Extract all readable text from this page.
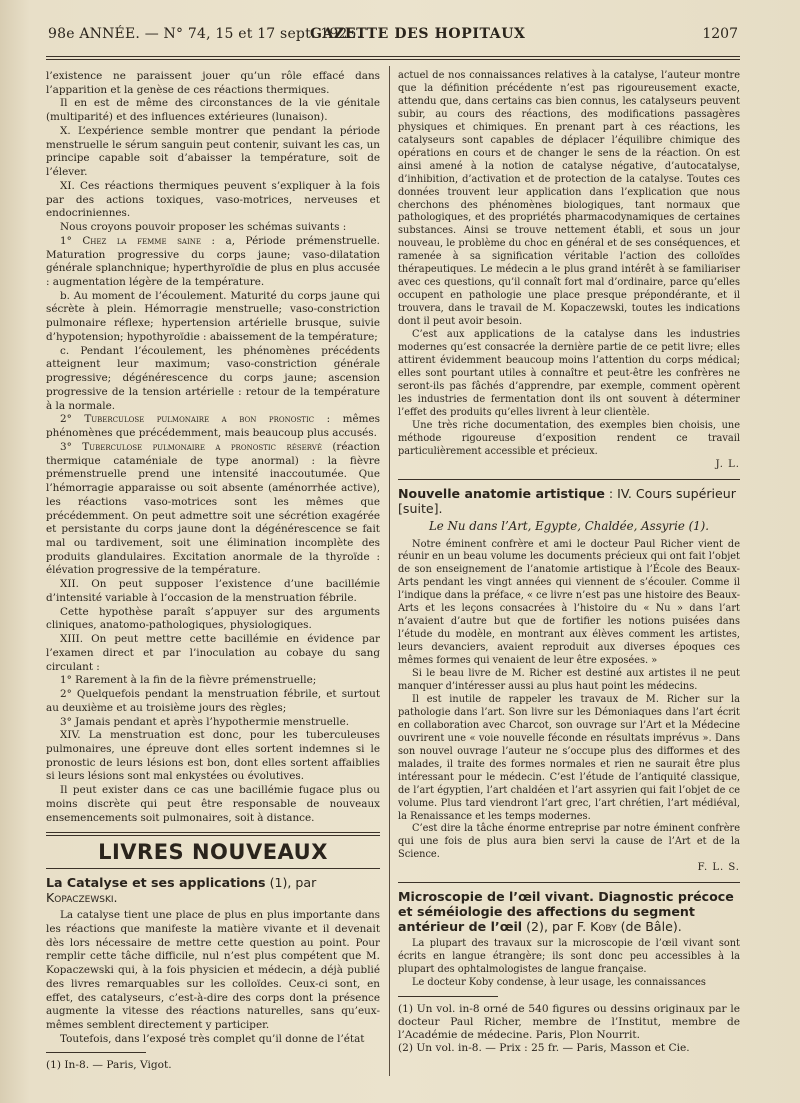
98e ANNÉE. — N° 74, 15 et 17 sept. 1925.
GAZETTE DES HOPITAUX	1207

l’existence ne paraissent jouer qu’un rôle effacé dans l’apparition et la genèse de ces réactions thermiques.

Il en est de même des circonstances de la vie génitale (multiparité) et des influences extérieures (lunaison).

X. L’expérience semble montrer que pendant la période menstruelle le sérum sanguin peut contenir, suivant les cas, un principe capable soit d’abaisser la température, soit de l’élever.

XI. Ces réactions thermiques peuvent s’expliquer à la fois par des actions toxiques, vaso-motrices, nerveuses et endocriniennes.

Nous croyons pouvoir proposer les schémas suivants :

1° Chez la femme saine : a, Période prémenstruelle. Maturation progressive du corps jaune; vaso-dilatation générale splanchnique; hyperthyroïdie de plus en plus accusée : augmentation légère de la température.

b. Au moment de l’écoulement. Maturité du corps jaune qui sécrète à plein. Hémorragie menstruelle; vaso-constriction pulmonaire réflexe; hypertension artérielle brusque, suivie d’hypotension; hypothyroïdie : abaissement de la température;

c. Pendant l’écoulement, les phénomènes précédents atteignent leur maximum; vaso-constriction générale progressive; dégénérescence du corps jaune; ascension progressive de la tension artérielle : retour de la température à la normale.

2° Tuberculose pulmonaire a bon pronostic : mêmes phénomènes que précédemment, mais beaucoup plus accusés.

3° Tuberculose pulmonaire a pronostic réservé (réaction thermique cataméniale de type anormal) : la fièvre prémenstruelle prend une intensité inaccoutumée. Que l’hémorragie apparaisse ou soit absente (aménorrhée active), les réactions vaso-motrices sont les mêmes que précédemment. On peut admettre soit une sécrétion exagérée et persistante du corps jaune dont la dégénérescence se fait mal ou tardivement, soit une élimination incomplète des produits glandulaires. Excitation anormale de la thyroïde : élévation progressive de la température.

XII. On peut supposer l’existence d’une bacillémie d’intensité variable à l’occasion de la menstruation fébrile.

Cette hypothèse paraît s’appuyer sur des arguments cliniques, anatomo-pathologiques, physiologiques.

XIII. On peut mettre cette bacillémie en évidence par l’examen direct et par l’inoculation au cobaye du sang circulant :

1° Rarement à la fin de la fièvre prémenstruelle;

2° Quelquefois pendant la menstruation fébrile, et surtout au deuxième et au troisième jours des règles;

3° Jamais pendant et après l’hypothermie menstruelle.

XIV. La menstruation est donc, pour les tuberculeuses pulmonaires, une épreuve dont elles sortent indemnes si le pronostic de leurs lésions est bon, dont elles sortent affaiblies si leurs lésions sont mal enkystées ou évolutives.

Il peut exister dans ce cas une bacillémie fugace plus ou moins discrète qui peut être responsable de nouveaux ensemencements soit pulmonaires, soit à distance.

LIVRES NOUVEAUX
La Catalyse et ses applications (1), par Kopaczewski.

La catalyse tient une place de plus en plus importante dans les réactions que manifeste la matière vivante et il devenait dès lors nécessaire de mettre cette question au point. Pour remplir cette tâche difficile, nul n’est plus compétent que M. Kopaczewski qui, à la fois physicien et médecin, a déjà publié des livres remarquables sur les colloïdes. Ceux-ci sont, en effet, des catalyseurs, c’est-à-dire des corps dont la présence augmente la vitesse des réactions naturelles, sans qu’eux-mêmes semblent directement y participer.

Toutefois, dans l’exposé très complet qu’il donne de l’état

(1) In-8. — Paris, Vigot.

actuel de nos connaissances relatives à la catalyse, l’auteur montre que la définition précédente n’est pas rigoureusement exacte, attendu que, dans certains cas bien connus, les catalyseurs peuvent subir, au cours des réactions, des modifications passagères physiques et chimiques. En prenant part à ces réactions, les catalyseurs sont capables de déplacer l’équilibre chimique des opérations en cours et de changer le sens de la réaction. On est ainsi amené à la notion de catalyse négative, d’autocatalyse, d’inhibition, d’activation et de protection de la catalyse. Toutes ces données trouvent leur application dans l’explication que nous cherchons des phénomènes biologiques, tant normaux que pathologiques, et des propriétés pharmacodynamiques de certaines substances. Ainsi se trouve nettement établi, et sous un jour nouveau, le problème du choc en général et de ses conséquences, et ramenée à sa signification véritable l’action des colloïdes thérapeutiques. Le médecin a le plus grand intérêt à se familiariser avec ces questions, qu’il connaît fort mal d’ordinaire, parce qu’elles occupent en pathologie une place presque prépondérante, et il trouvera, dans le travail de M. Kopaczewski, toutes les indications dont il peut avoir besoin.

C’est aux applications de la catalyse dans les industries modernes qu’est consacrée la dernière partie de ce petit livre; elles attirent évidemment beaucoup moins l’attention du corps médical; elles sont pourtant utiles à connaître et peut-être les confrères ne seront-ils pas fâchés d’apprendre, par exemple, comment opèrent les industries de fermentation dont ils ont souvent à déterminer l’effet des produits qu’elles livrent à leur clientèle.

Une très riche documentation, des exemples bien choisis, une méthode rigoureuse d’exposition rendent ce travail particulièrement accessible et précieux.

J. L.
Nouvelle anatomie artistique : IV. Cours supérieur [suite].
Le Nu dans l’Art, Egypte, Chaldée, Assyrie (1).

Notre éminent confrère et ami le docteur Paul Richer vient de réunir en un beau volume les documents précieux qui ont fait l’objet de son enseignement de l’anatomie artistique à l’École des Beaux-Arts pendant les vingt années qui viennent de s’écouler. Comme il l’indique dans la préface, « ce livre n’est pas une histoire des Beaux-Arts et les leçons consacrées à l’histoire du « Nu » dans l’art n’avaient d’autre but que de fortifier les notions puisées dans l’étude du modèle, en montrant aux élèves comment les artistes, leurs devanciers, avaient reproduit aux diverses époques ces mêmes formes qui venaient de leur être exposées. »

Si le beau livre de M. Richer est destiné aux artistes il ne peut manquer d’intéresser aussi au plus haut point les médecins.

Il est inutile de rappeler les travaux de M. Richer sur la pathologie dans l’art. Son livre sur les Démoniaques dans l’art écrit en collaboration avec Charcot, son ouvrage sur l’Art et la Médecine ouvrirent une « voie nouvelle féconde en résultats imprévus ». Dans son nouvel ouvrage l’auteur ne s’occupe plus des difformes et des malades, il traite des formes normales et rien ne saurait être plus intéressant pour le médecin. C’est l’étude de l’antiquité classique, de l’art égyptien, l’art chaldéen et l’art assyrien qui fait l’objet de ce volume. Plus tard viendront l’art grec, l’art chrétien, l’art médiéval, la Renaissance et les temps modernes.

C’est dire la tâche énorme entreprise par notre éminent confrère qui une fois de plus aura bien servi la cause de l’Art et de la Science.

F. L. S.
Microscopie de l’œil vivant. Diagnostic précoce et séméiologie des affections du segment antérieur de l’œil (2), par F. Koby (de Bâle).

La plupart des travaux sur la microscopie de l’œil vivant sont écrits en langue étrangère; ils sont donc peu accessibles à la plupart des ophtalmologistes de langue française.

Le docteur Koby condense, à leur usage, les connaissances

(1) Un vol. in-8 orné de 540 figures ou dessins originaux par le docteur Paul Richer, membre de l’Institut, membre de l’Académie de médecine. Paris, Plon Nourrit.

(2) Un vol. in-8. — Prix : 25 fr. — Paris, Masson et Cie.
